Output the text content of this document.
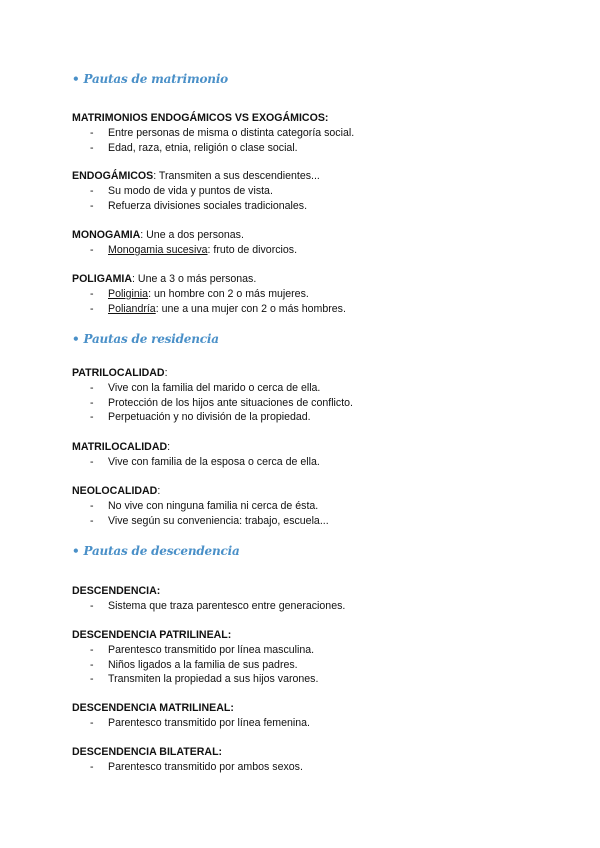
• Pautas de matrimonio
MATRIMONIOS ENDOGÁMICOS VS EXOGÁMICOS:
- Entre personas de misma o distinta categoría social.
- Edad, raza, etnia, religión o clase social.
ENDOGÁMICOS: Transmiten a sus descendientes...
- Su modo de vida y puntos de vista.
- Refuerza divisiones sociales tradicionales.
MONOGAMIA: Une a dos personas.
- Monogamia sucesiva: fruto de divorcios.
POLIGAMIA: Une a 3 o más personas.
- Poliginia: un hombre con 2 o más mujeres.
- Poliandría: une a una mujer con 2 o más hombres.
• Pautas de residencia
PATRILOCALIDAD:
- Vive con la familia del marido o cerca de ella.
- Protección de los hijos ante situaciones de conflicto.
- Perpetuación y no división de la propiedad.
MATRILOCALIDAD:
- Vive con familia de la esposa o cerca de ella.
NEOLOCALIDAD:
- No vive con ninguna familia ni cerca de ésta.
- Vive según su conveniencia: trabajo, escuela...
• Pautas de descendencia
DESCENDENCIA:
- Sistema que traza parentesco entre generaciones.
DESCENDENCIA PATRILINEAL:
- Parentesco transmitido por línea masculina.
- Niños ligados a la familia de sus padres.
- Transmiten la propiedad a sus hijos varones.
DESCENDENCIA MATRILINEAL:
- Parentesco transmitido por línea femenina.
DESCENDENCIA BILATERAL:
- Parentesco transmitido por ambos sexos.
